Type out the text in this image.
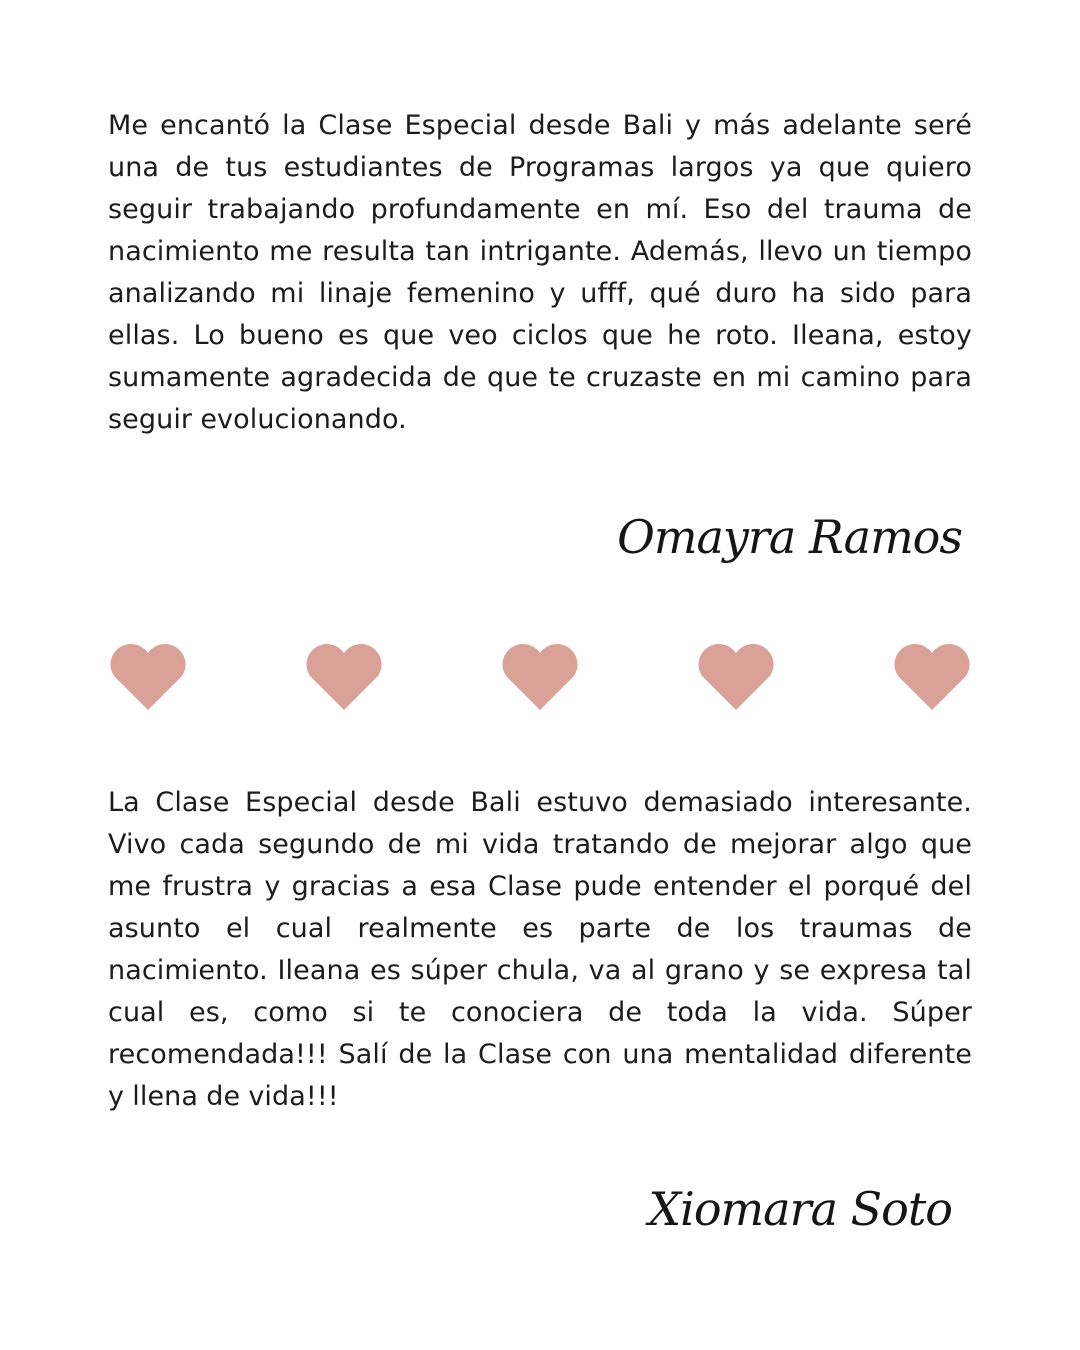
Me encantó la Clase Especial desde Bali y más adelante seré una de tus estudiantes de Programas largos ya que quiero seguir trabajando profundamente en mí. Eso del trauma de nacimiento me resulta tan intrigante. Además, llevo un tiempo analizando mi linaje femenino y ufff, qué duro ha sido para ellas. Lo bueno es que veo ciclos que he roto. Ileana, estoy sumamente agradecida de que te cruzaste en mi camino para seguir evolucionando.

Omayra Ramos

La Clase Especial desde Bali estuvo demasiado interesante. Vivo cada segundo de mi vida tratando de mejorar algo que me frustra y gracias a esa Clase pude entender el porqué del asunto el cual realmente es parte de los traumas de nacimiento. Ileana es súper chula, va al grano y se expresa tal cual es, como si te conociera de toda la vida. Súper recomendada!!! Salí de la Clase con una mentalidad diferente y llena de vida!!!

Xiomara Soto
